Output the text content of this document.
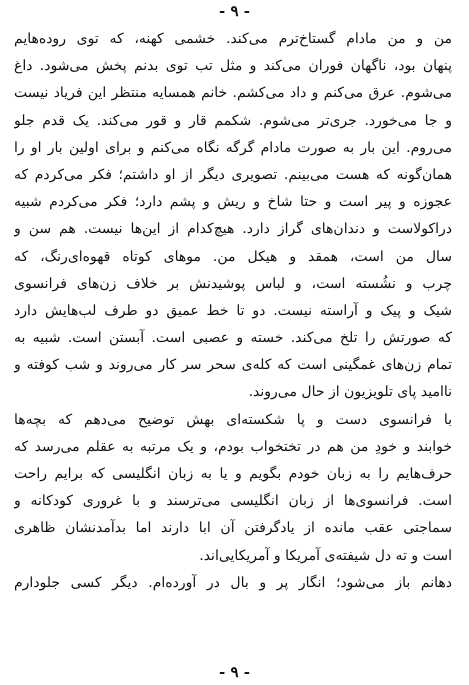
- ۹ -
من و من مادام گستاخ‌ترم می‌کند. خشمی کهنه، که توی روده‌هایم
پنهان بود، ناگهان فوران می‌کند و مثل تب توی بدنم پخش می‌شود. داغ
می‌شوم. عرق می‌کنم و داد می‌کشم. خانم همسایه منتظر این فریاد نیست
و جا می‌خورد. جری‌تر می‌شوم. شکمم قار و قور می‌کند. یک قدم جلو
می‌روم. این بار به صورت مادام گرگه نگاه می‌کنم و برای اولین بار او را
همان‌گونه که هست می‌بینم. تصویری دیگر از او داشتم؛ فکر می‌کردم که
عجوزه و پیر است و حتا شاخ و ریش و پشم دارد؛ فکر می‌کردم شبیه
دراکولاست و دندان‌های گراز دارد. هیچ‌کدام از این‌ها نیست. هم سن و
سال من است، همقد و هیکل من. موهای کوتاه قهوه‌ای‌رنگ، که
چرب و نشُسته است، و لباس پوشیدنش بر خلاف زن‌های فرانسوی
شیک و پیک و آراسته نیست. دو تا خط عمیق دو طرف لب‌هایش دارد
که صورتش را تلخ می‌کند. خسته و عصبی است. آبستن است. شبیه به
تمام زن‌های غمگینی است که کله‌ی سحر سر کار می‌روند و شب کوفته و
ناامید پای تلویزیون از حال می‌روند.
با فرانسوی دست و پا شکسته‌ای بهش توضیح می‌دهم که بچه‌ها
خوابند و خودِ من هم در تختخواب بودم، و یک مرتبه به عقلم می‌رسد که
حرف‌هایم را به زبان خودم بگویم و یا به زبان انگلیسی که برایم راحت
است. فرانسوی‌ها از زبان انگلیسی می‌ترسند و با غروری کودکانه و
سماجتی عقب مانده از یادگرفتن آن ابا دارند اما بدآمدنشان ظاهری
است و ته دل شیفته‌ی آمریکا و آمریکایی‌اند.
دهانم باز می‌شود؛ انگار پر و بال در آورده‌ام. دیگر کسی جلودارم
- ۹ -
